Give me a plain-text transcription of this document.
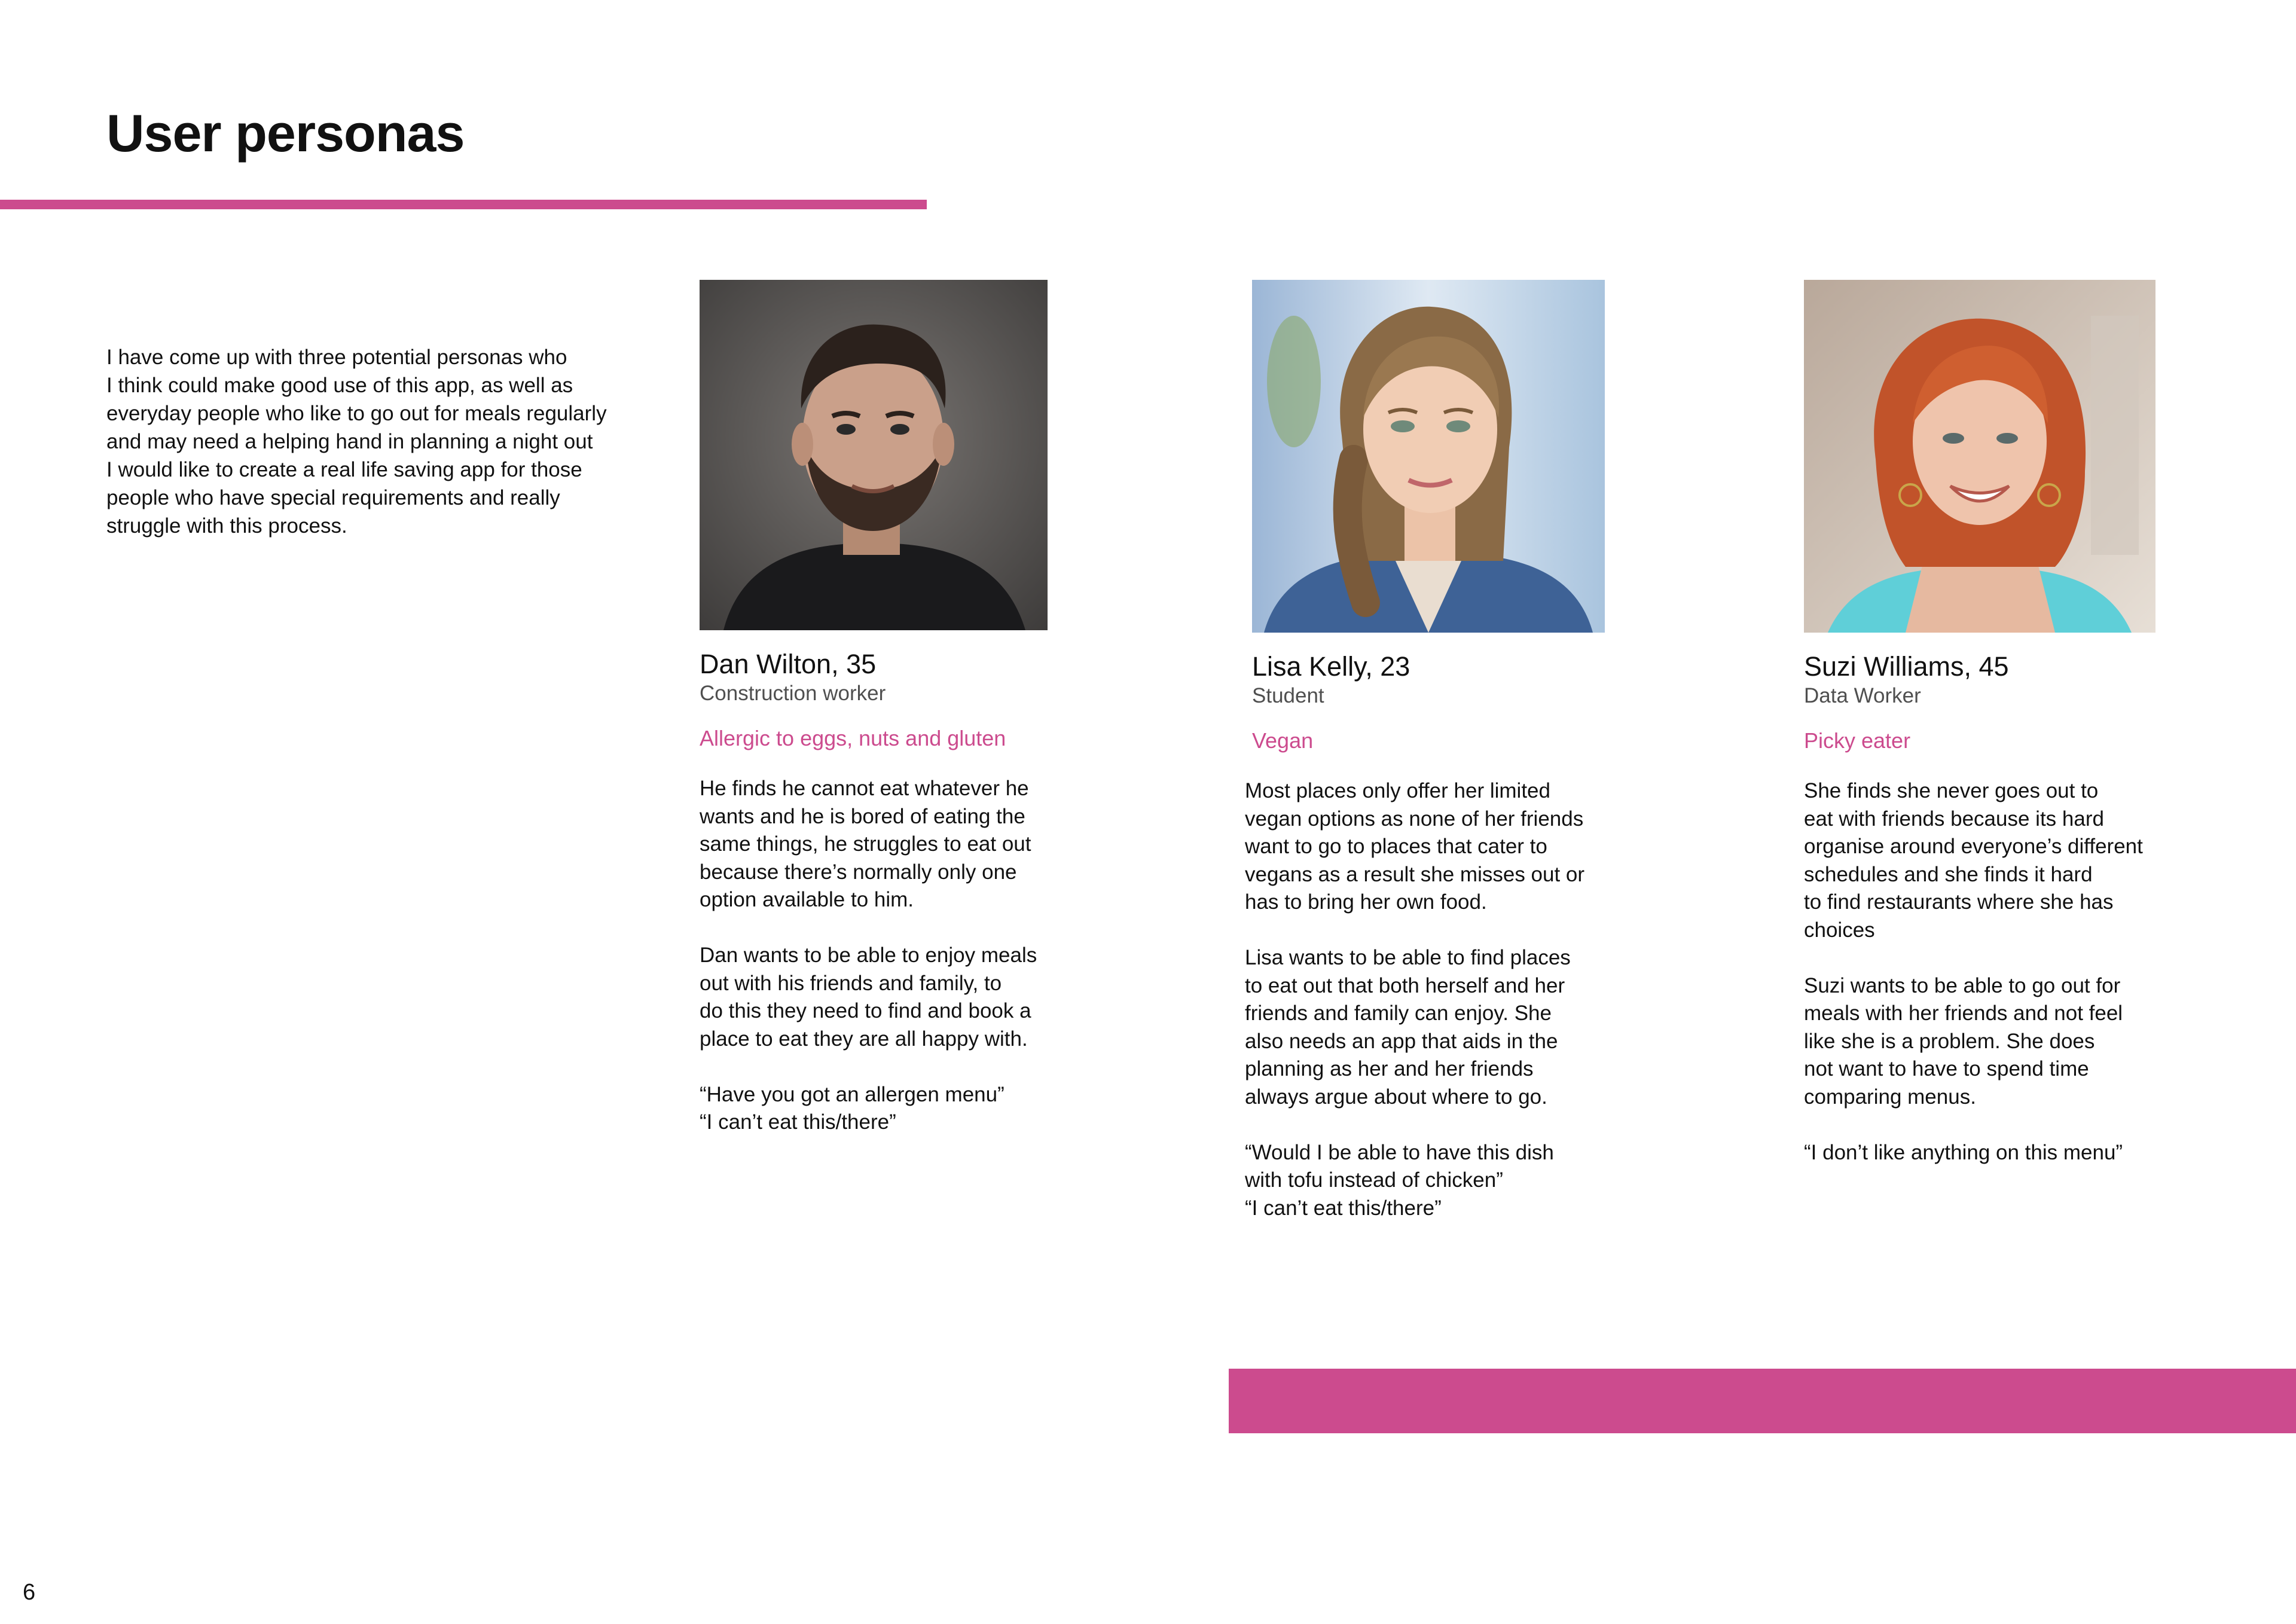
User personas

I have come up with three potential personas who
I think could make good use of this app, as well as
everyday people who like to go out for meals regularly
and may need a helping hand in planning a night out
I would like to create a real life saving app for those
people who have special requirements and really
struggle with this process.

Dan Wilton, 35
Construction worker
Allergic to eggs, nuts and gluten
He finds he cannot eat whatever he
wants and he is bored of eating the
same things, he struggles to eat out
because there’s normally only one
option available to him.

Dan wants to be able to enjoy meals
out with his friends and family, to
do this they need to find and book a
place to eat they are all happy with.

“Have you got an allergen menu”
“I can’t eat this/there”
Lisa Kelly, 23
Student
Vegan
Most places only offer her limited
vegan options as none of her friends
want to go to places that cater to
vegans as a result she misses out or
has to bring her own food.

Lisa wants to be able to find places
to eat out that both herself and her
friends and family can enjoy. She
also needs an app that aids in the
planning as her and her friends
always argue about where to go.

“Would I be able to have this dish
with tofu instead of chicken”
“I can’t eat this/there”
Suzi Williams, 45
Data Worker
Picky eater
She finds she never goes out to
eat with friends because its hard
organise around everyone’s different
schedules and she finds it hard
to find restaurants where she has
choices

Suzi wants to be able to go out for
meals with her friends and not feel
like she is a problem. She does
not want to have to spend time
comparing menus.

“I don’t like anything on this menu”
6
